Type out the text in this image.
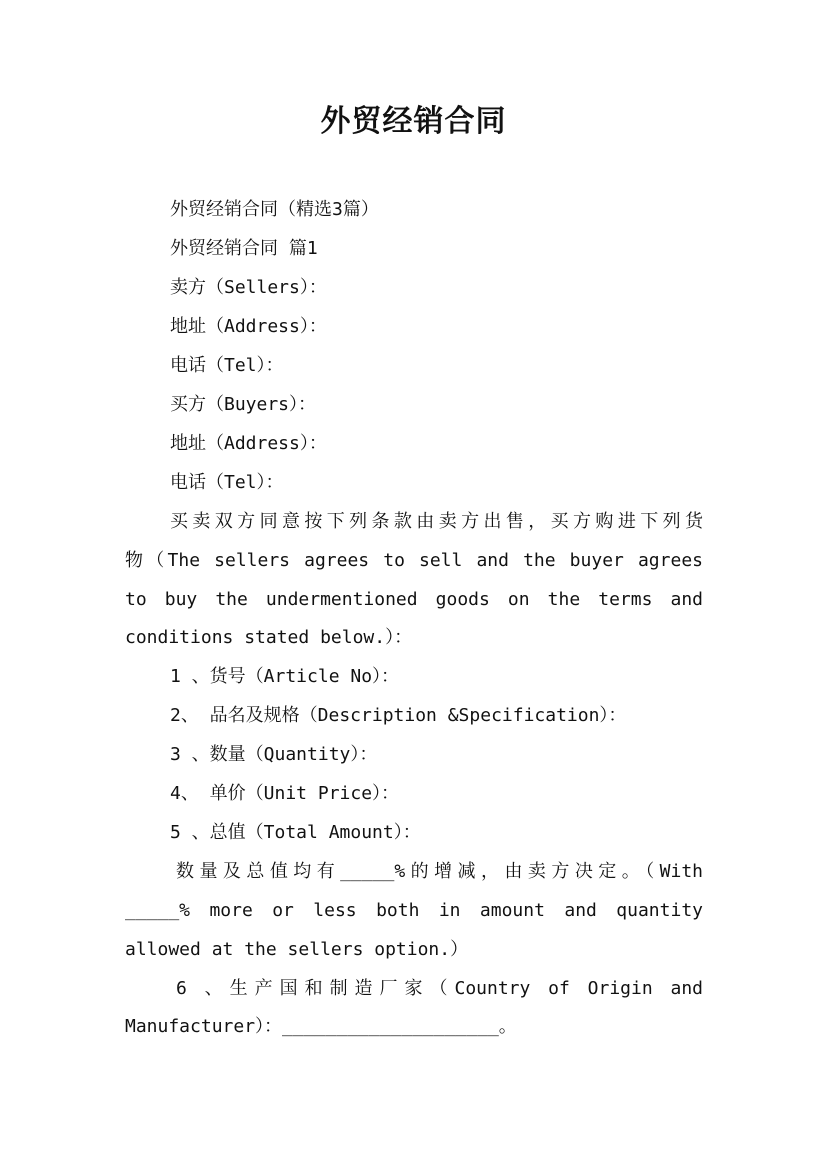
外贸经销合同
外贸经销合同（精选3篇）
外贸经销合同 篇1
卖方（Sellers）：
地址（Address）：
电话（Tel）：
买方（Buyers）：
地址（Address）：
电话（Tel）：
买卖双方同意按下列条款由卖方出售，买方购进下列货
物（The sellers agrees to sell and the buyer agrees
to buy the undermentioned goods on the terms and
conditions stated below.）：
1 、货号（Article No）：
2、 品名及规格（Description &Specification）：
3 、数量（Quantity）：
4、 单价（Unit Price）：
5 、总值（Total Amount）：
数量及总值均有_____%的增减，由卖方决定。（With
_____% more or less both in amount and quantity
allowed at the sellers option.）
6 、生产国和制造厂家（Country of Origin and
Manufacturer）：____________________。
